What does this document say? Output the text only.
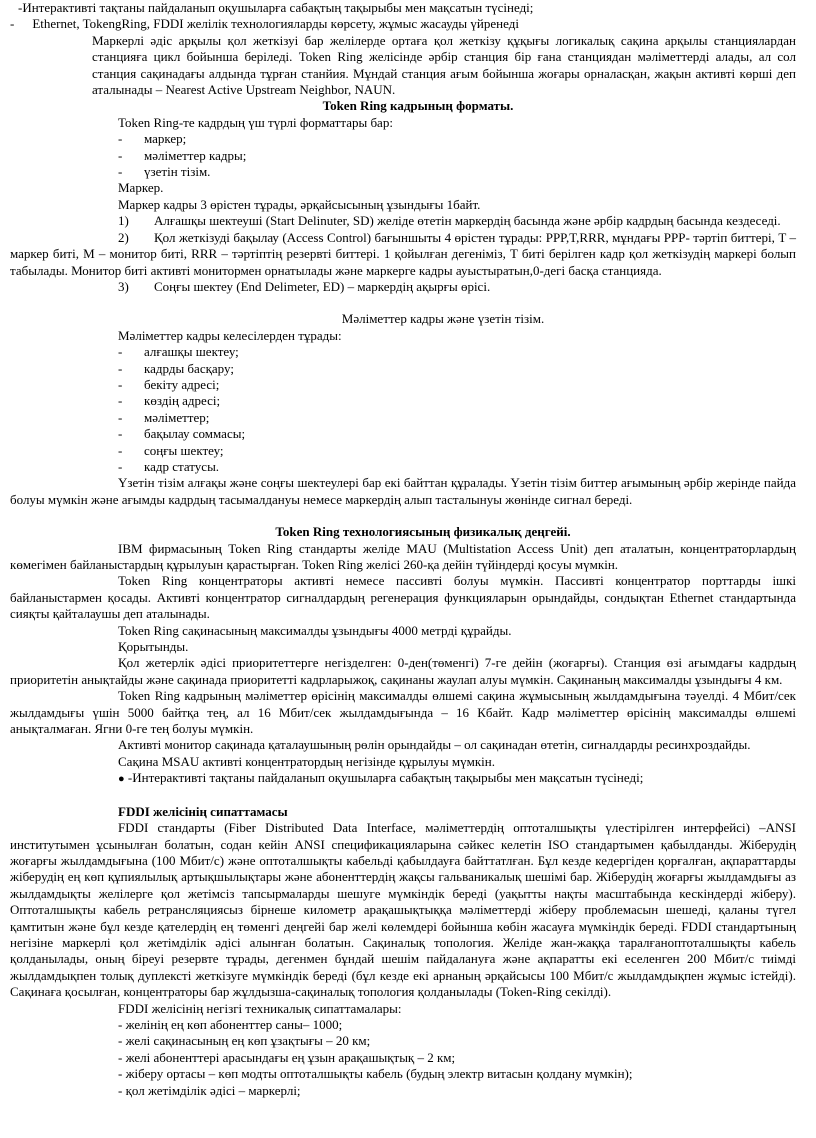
-Интерактивті тақтаны пайдаланып оқушыларға сабақтың тақырыбы мен мақсатын түсінеді;
- Ethernet, TokengRing, FDDI желілік технологияларды көрсету, жұмыс жасауды үйренеді
Маркерлі әдіс арқылы қол жеткізуі бар желілерде ортаға қол жеткізу құқығы логикалық сақина арқылы станциялардан станцияға цикл бойынша беріледі. Token Ring желісінде әрбір станция бір ғана станциядан мәліметтерді алады, ал сол станция сақинадағы алдында тұрған станйия. Мұндай станция ағым бойынша жоғары орналасқан, жақын активті көрші деп аталынады – Nearest Active Upstream Neighbor, NAUN.
Token Ring кадрының форматы.
Token Ring-те кадрдың үш түрлі форматтары бар:
- маркер;
- мәліметтер кадры;
- үзетін тізім.
Маркер.
Маркер кадры 3 өрістен тұрады, әрқайсысының ұзындығы 1байт.
1) Алғашқы шектеуші (Start Delinuter, SD) желіде өтетін маркердің басында және әрбір кадрдың басында кездеседі.
2) Қол жеткізуді бақылау (Access Control) бағыншыты 4 өрістен тұрады: PPP,T,RRR, мұндағы PPP- тәртіп биттері, T – маркер биті, M – монитор биті, RRR – тәртіптің резервті биттері. 1 қойылған дегеніміз, T биті берілген кадр қол жеткізудің маркері болып табылады. Монитор биті активті монитормен орнатылады және маркерге кадры ауыстыратын,0-дегі басқа станцияда.
3) Соңғы шектеу (End Delimeter, ED) – маркердің ақырғы өрісі.
Мәліметтер кадры және үзетін тізім.
Мәліметтер кадры келесілерден тұрады:
- алғашқы шектеу;
- кадрды басқару;
- бекіту адресі;
- көздің адресі;
- мәліметтер;
- бақылау соммасы;
- соңғы шектеу;
- кадр статусы.
Үзетін тізім алғақы және соңғы шектеулері бар екі байттан құралады. Үзетін тізім биттер ағымының әрбір жерінде пайда болуы мүмкін және ағымды кадрдың тасымалдануы немесе маркердің алып тасталынуы жөнінде сигнал береді.
Token Ring технологиясының физикалық деңгейі.
IBM фирмасының Token Ring стандарты желіде MAU (Multistation Access Unit) деп аталатын, концентраторлардың көмегімен байланыстардың құрылуын қарастырған. Token Ring желісі 260-қа дейін түйіндерді қосуы мүмкін.
Token Ring концентраторы активті немесе пассивті болуы мүмкін. Пассивті концентратор порттарды ішкі байланыстармен қосады. Активті концентратор сигналдардың регенерация функцияларын орындайды, сондықтан Ethernet стандартында сияқты қайталаушы деп аталынады.
Token Ring сақинасының максималды ұзындығы 4000 метрді құрайды.
Қорытынды.
Қол жетерлік әдісі приоритеттерге негізделген: 0-ден(төменгі) 7-ге дейін (жоғарғы). Станция өзі ағымдағы кадрдың приоритетін анықтайды және сақинада приоритетті кадрларыжоқ, сақинаны жаулап алуы мүмкін. Сақинаның максималды ұзындығы 4 км.
Token Ring кадрының мәліметтер өрісінің максималды өлшемі сақина жұмысының жылдамдығына тәуелді. 4 Мбит/сек жылдамдығы үшін 5000 байтқа тең, ал 16 Мбит/сек жылдамдығында – 16 Кбайт. Кадр мәліметтер өрісінің максималды өлшемі анықталмаған. Ягни 0-ге тең болуы мүмкін.
Активті монитор сақинада қаталаушының рөлін орындайды – ол сақинадан өтетін, сигналдарды ресинхроздайды.
Сақина MSAU активті концентратордың негізінде құрылуы мүмкін.
● -Интерактивті тақтаны пайдаланып оқушыларға сабақтың тақырыбы мен мақсатын түсінеді;
FDDI желісінің сипаттамасы
FDDI стандарты (Fiber Distributed Data Interface, мәліметтердің оптоталшықты үлестірілген интерфейсі) –ANSI институтымен ұсынылған болатын, содан кейін ANSI спецификацияларына сәйкес келетін ISO стандартымен қабылданды. Жіберудің жоғарғы жылдамдығына (100 Мбит/с) және оптоталшықты кабельді қабылдауға байттатлған. Бұл кезде кедергіден қорғалған, ақпараттарды жіберудің ең көп құпиялылық артықшылықтары және абоненттердің жақсы гальваникалық шешімі бар. Жіберудің жоғарғы жылдамдығы аз жылдамдықты желілерге қол жетімсіз тапсырмаларды шешуге мүмкіндік береді (уақытты нақты масштабында кескіндерді жіберу). Оптоталшықты кабель ретрансляциясыз бірнеше километр арақашықтыққа мәліметтерді жіберу проблемасын шешеді, қаланы түгел қамтитын және бұл кезде қателердің ең төменгі деңгейі бар желі көлемдері бойынша көбін жасауға мүмкіндік береді. FDDI стандартының негізіне маркерлі қол жетімділік әдісі алынған болатын. Сақиналық топология. Желіде жан-жаққа таралғаноптоталшықты кабель қолданылады, оның біреуі резервте тұрады, дегенмен бұндай шешім пайдалануға және ақпаратты екі еселенген 200 Мбит/с тиімді жылдамдықпен толық дуплексті жеткізуге мүмкіндік береді (бұл кезде екі арнаның әрқайсысы 100 Мбит/с жылдамдықпен жұмыс істейді). Сақинаға қосылған, концентраторы бар жұлдызша-сақиналық топология қолданылады (Token-Ring секілді).
FDDI желісінің негізгі техникалық сипаттамалары:
- желінің ең көп абоненттер саны– 1000;
- желі сақинасының ең көп ұзақтығы – 20 км;
- желі абоненттері арасындағы ең ұзын арақашықтық – 2 км;
- жіберу ортасы – көп модты оптоталшықты кабель (будың электр витасын қолдану мүмкін);
- қол жетімділік әдісі – маркерлі;
